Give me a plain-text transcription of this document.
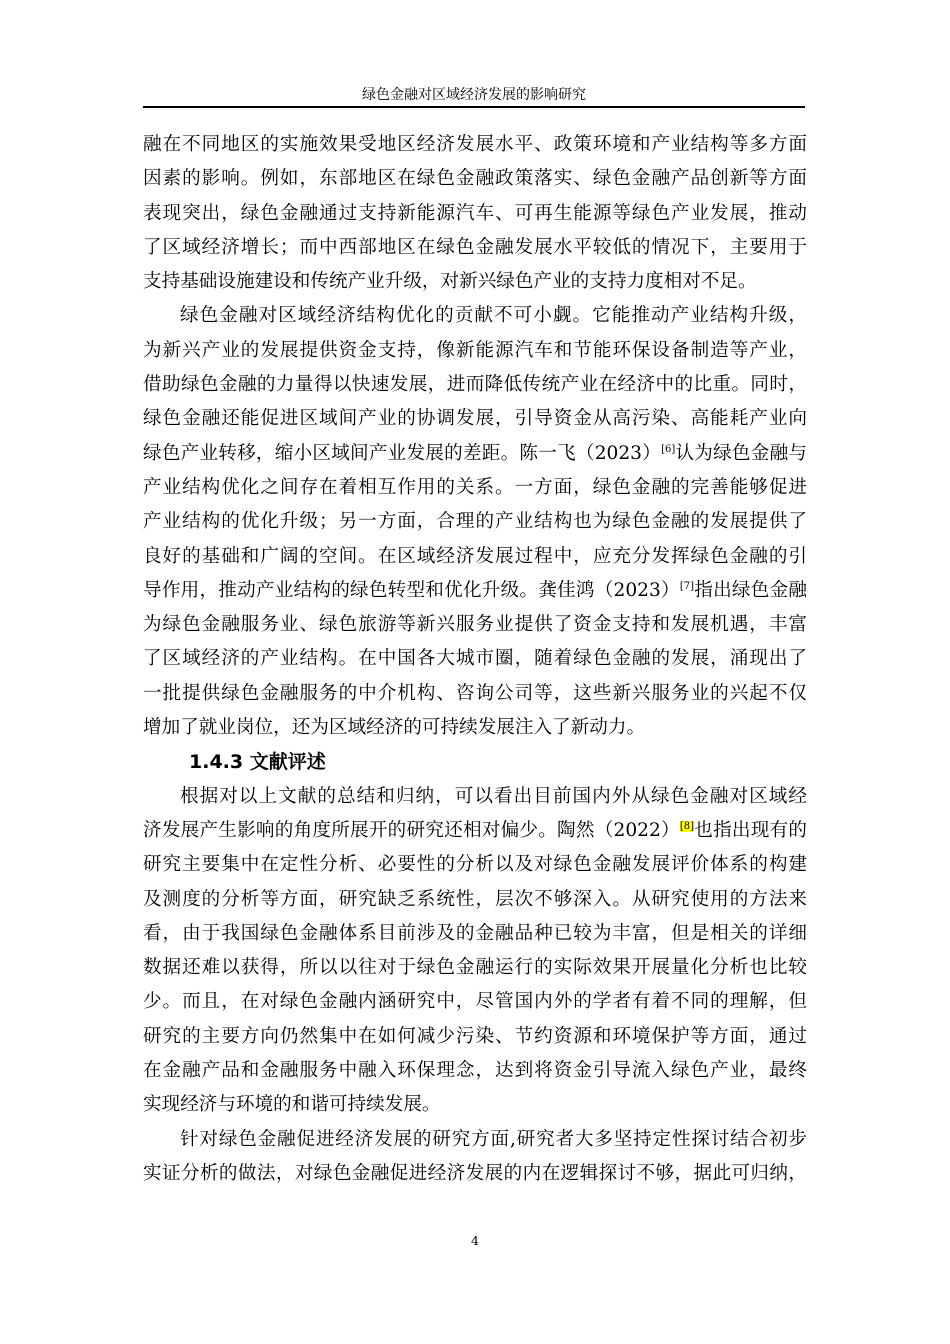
绿色金融对区域经济发展的影响研究
融在不同地区的实施效果受地区经济发展水平、政策环境和产业结构等多方面
因素的影响。例如，东部地区在绿色金融政策落实、绿色金融产品创新等方面
表现突出，绿色金融通过支持新能源汽车、可再生能源等绿色产业发展，推动
了区域经济增长；而中西部地区在绿色金融发展水平较低的情况下，主要用于
支持基础设施建设和传统产业升级，对新兴绿色产业的支持力度相对不足。
绿色金融对区域经济结构优化的贡献不可小觑。它能推动产业结构升级，
为新兴产业的发展提供资金支持，像新能源汽车和节能环保设备制造等产业，
借助绿色金融的力量得以快速发展，进而降低传统产业在经济中的比重。同时，
绿色金融还能促进区域间产业的协调发展，引导资金从高污染、高能耗产业向
绿色产业转移，缩小区域间产业发展的差距。陈一飞（2023）[6]认为绿色金融与
产业结构优化之间存在着相互作用的关系。一方面，绿色金融的完善能够促进
产业结构的优化升级；另一方面，合理的产业结构也为绿色金融的发展提供了
良好的基础和广阔的空间。在区域经济发展过程中，应充分发挥绿色金融的引
导作用，推动产业结构的绿色转型和优化升级。龚佳鸿（2023）[7]指出绿色金融
为绿色金融服务业、绿色旅游等新兴服务业提供了资金支持和发展机遇，丰富
了区域经济的产业结构。在中国各大城市圈，随着绿色金融的发展，涌现出了
一批提供绿色金融服务的中介机构、咨询公司等，这些新兴服务业的兴起不仅
增加了就业岗位，还为区域经济的可持续发展注入了新动力。
1.4.3 文献评述
根据对以上文献的总结和归纳，可以看出目前国内外从绿色金融对区域经
济发展产生影响的角度所展开的研究还相对偏少。陶然（2022）[8]也指出现有的
研究主要集中在定性分析、必要性的分析以及对绿色金融发展评价体系的构建
及测度的分析等方面，研究缺乏系统性，层次不够深入。从研究使用的方法来
看，由于我国绿色金融体系目前涉及的金融品种已较为丰富，但是相关的详细
数据还难以获得，所以以往对于绿色金融运行的实际效果开展量化分析也比较
少。而且，在对绿色金融内涵研究中，尽管国内外的学者有着不同的理解，但
研究的主要方向仍然集中在如何减少污染、节约资源和环境保护等方面，通过
在金融产品和金融服务中融入环保理念，达到将资金引导流入绿色产业，最终
实现经济与环境的和谐可持续发展。
针对绿色金融促进经济发展的研究方面,研究者大多坚持定性探讨结合初步
实证分析的做法，对绿色金融促进经济发展的内在逻辑探讨不够，据此可归纳，
4
